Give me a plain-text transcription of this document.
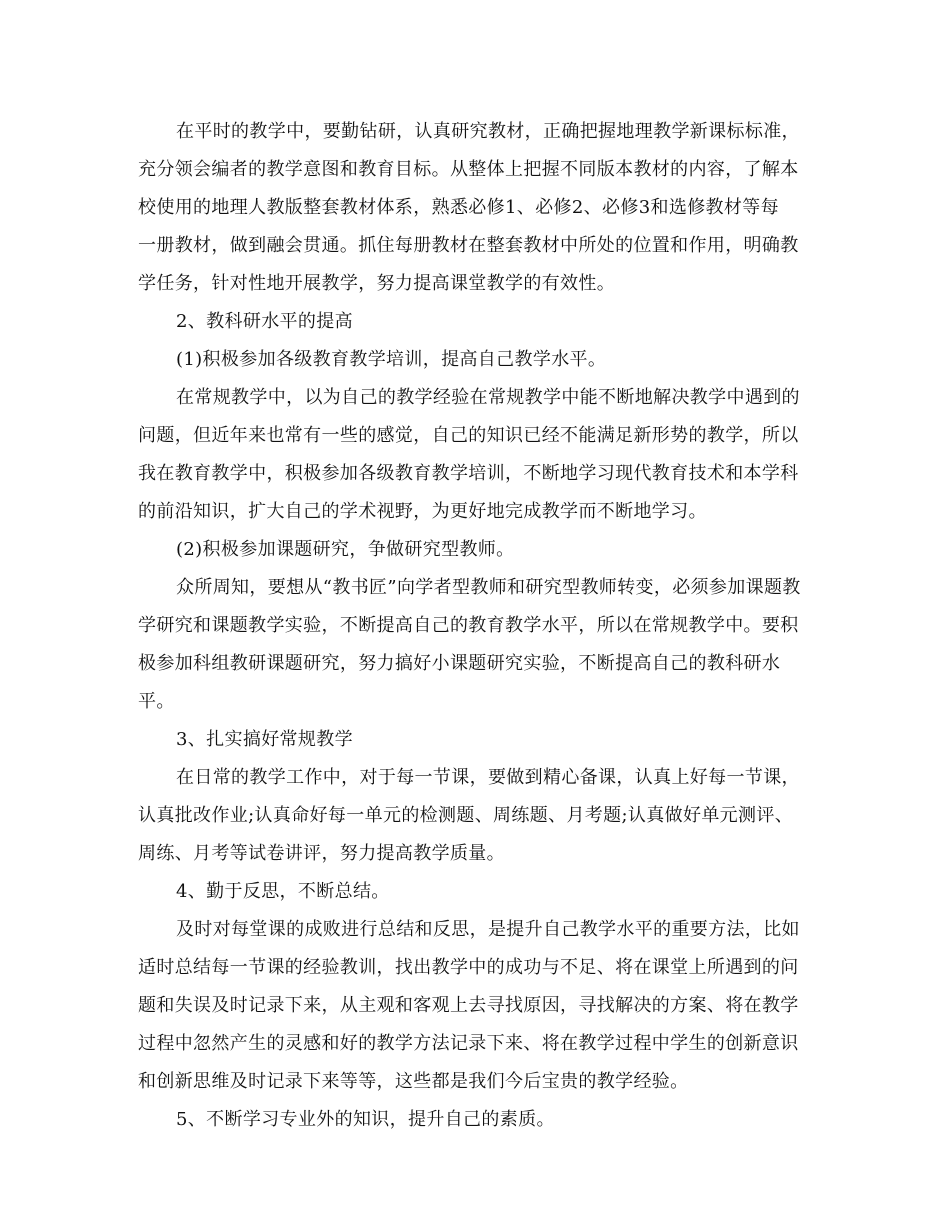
在平时的教学中，要勤钻研，认真研究教材，正确把握地理教学新课标标准，
充分领会编者的教学意图和教育目标。从整体上把握不同版本教材的内容，了解本
校使用的地理人教版整套教材体系，熟悉必修1、必修2、必修3和选修教材等每
一册教材，做到融会贯通。抓住每册教材在整套教材中所处的位置和作用，明确教
学任务，针对性地开展教学，努力提高课堂教学的有效性。
2、教科研水平的提高
(1)积极参加各级教育教学培训，提高自己教学水平。
在常规教学中，以为自己的教学经验在常规教学中能不断地解决教学中遇到的
问题，但近年来也常有一些的感觉，自己的知识已经不能满足新形势的教学，所以
我在教育教学中，积极参加各级教育教学培训，不断地学习现代教育技术和本学科
的前沿知识，扩大自己的学术视野，为更好地完成教学而不断地学习。
(2)积极参加课题研究，争做研究型教师。
众所周知，要想从“教书匠”向学者型教师和研究型教师转变，必须参加课题教
学研究和课题教学实验，不断提高自己的教育教学水平，所以在常规教学中。要积
极参加科组教研课题研究，努力搞好小课题研究实验，不断提高自己的教科研水
平。
3、扎实搞好常规教学
在日常的教学工作中，对于每一节课，要做到精心备课，认真上好每一节课，
认真批改作业;认真命好每一单元的检测题、周练题、月考题;认真做好单元测评、
周练、月考等试卷讲评，努力提高教学质量。
4、勤于反思，不断总结。
及时对每堂课的成败进行总结和反思，是提升自己教学水平的重要方法，比如
适时总结每一节课的经验教训，找出教学中的成功与不足、将在课堂上所遇到的问
题和失误及时记录下来，从主观和客观上去寻找原因，寻找解决的方案、将在教学
过程中忽然产生的灵感和好的教学方法记录下来、将在教学过程中学生的创新意识
和创新思维及时记录下来等等，这些都是我们今后宝贵的教学经验。
5、不断学习专业外的知识，提升自己的素质。
